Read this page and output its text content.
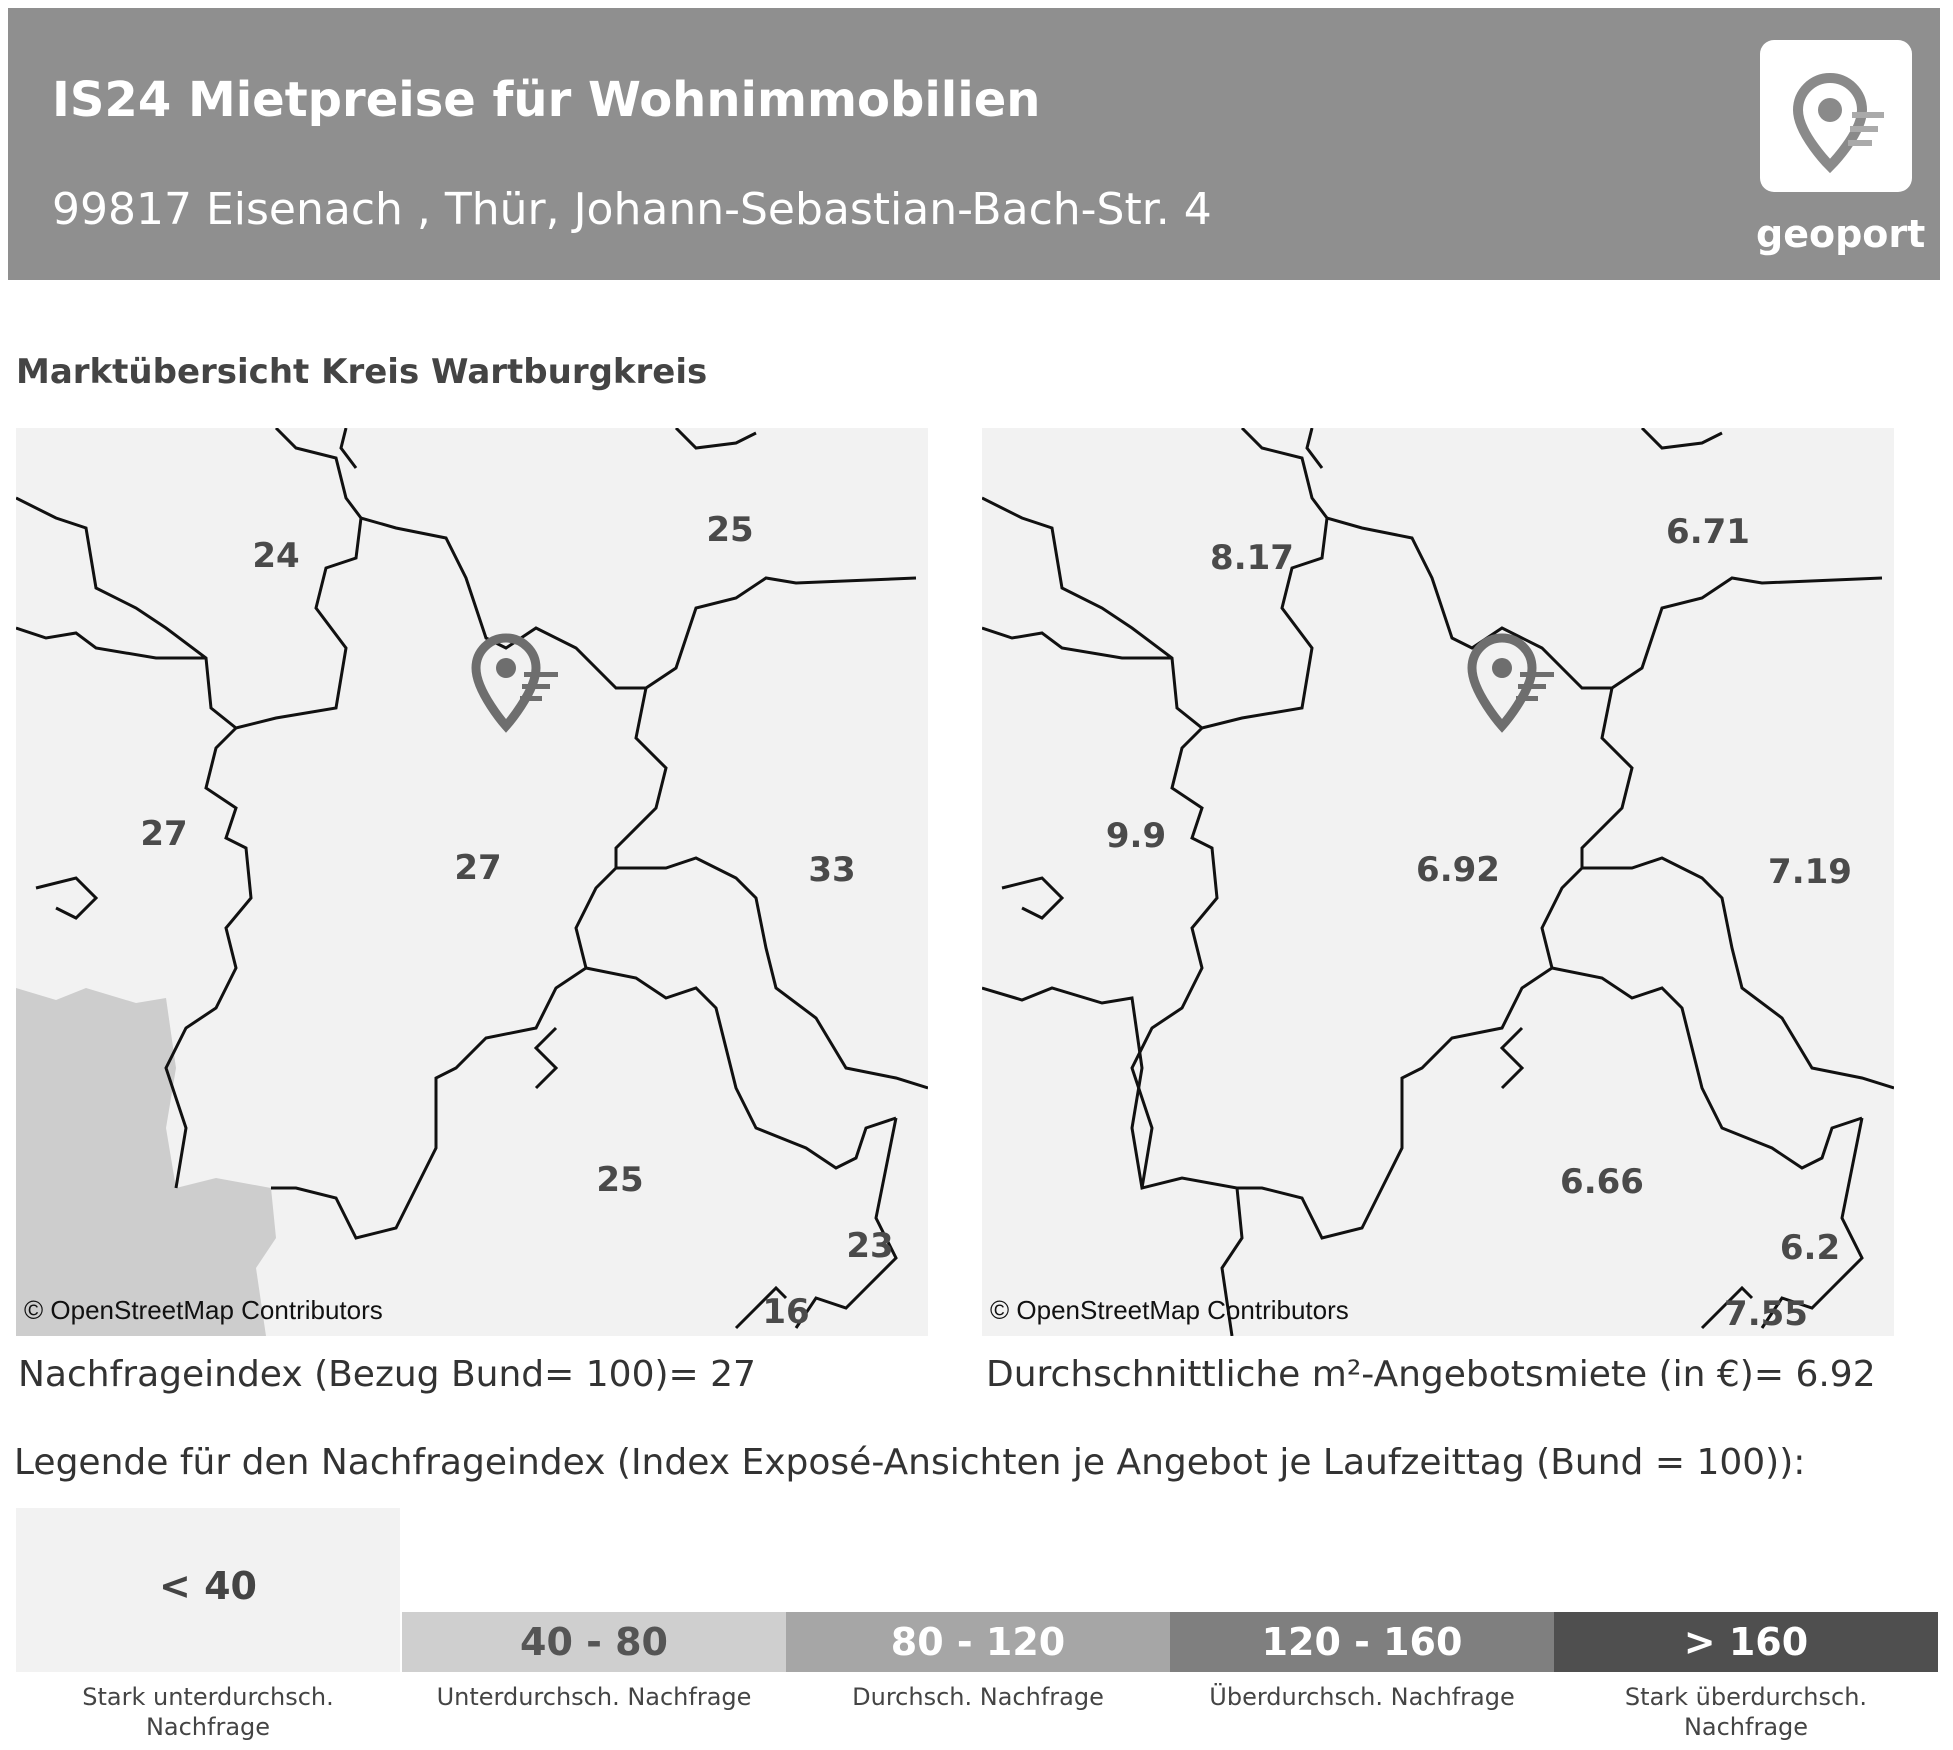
IS24 Mietpreise für Wohnimmobilien
99817 Eisenach , Thür, Johann-Sebastian-Bach-Str. 4	geoport
Marktübersicht Kreis Wartburgkreis
24
25
27
27	33
25
23
16
© OpenStreetMap Contributors
8.17
6.71
9.9
6.92	7.19
6.66
6.2
7.55
© OpenStreetMap Contributors
Nachfrageindex (Bezug Bund= 100)= 27	Durchschnittliche m²-Angebotsmiete (in €)= 6.92
Legende für den Nachfrageindex (Index Exposé-Ansichten je Angebot je Laufzeittag (Bund = 100)):
< 40
40 - 80	80 - 120	120 - 160	> 160
Stark unterdurchsch.
Nachfrage
Unterdurchsch. Nachfrage	Durchsch. Nachfrage	Überdurchsch. Nachfrage	Stark überdurchsch.
Nachfrage
